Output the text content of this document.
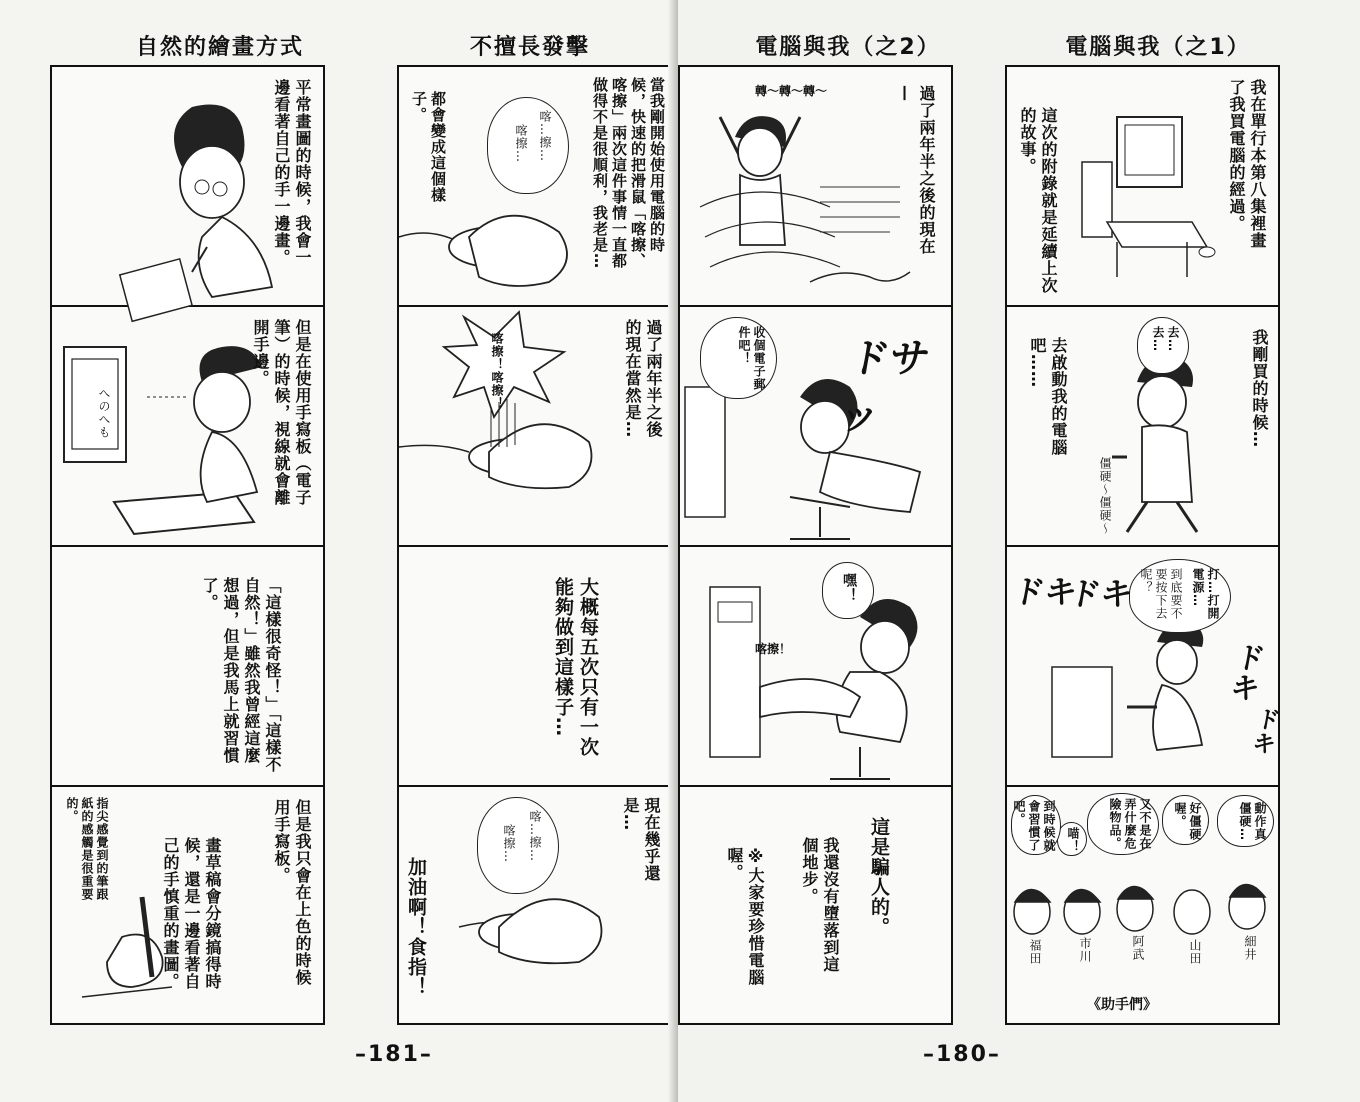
自然的繪畫方式
平常畫圖的時候，我會一邊看著自己的手一邊畫。
へのへも	但是在使用手寫板（電子筆）的時候，視線就會離開手邊。
「這樣很奇怪！」「這樣不自然！」雖然我曾經這麼想過，但是我馬上就習慣了。
但是我只會在上色的時候用手寫板。
畫草稿會分鏡搞得時候，還是一邊看著自己的手慎重的畫圖。
指尖感覺到的筆跟紙的感觸是很重要的。
不擅長發擊
喀…擦…
喀擦…	當我剛開始使用電腦的時候，快速的把滑鼠「喀擦、喀擦」兩次這件事情一直都做得不是很順利，我老是…
都會變成這個樣子。
喀擦！喀擦！	過了兩年半之後的現在當然是…
大概每五次只有一次能夠做到這樣子…
喀…擦…
喀擦…	現在幾乎還是…
加油啊！食指！
–181–
電腦與我（之2）
轉～轉～轉～	過了兩年半之後的現在—
收個電子郵件吧！	ドサッ
嘿！
喀擦！
這是騙人的。
我還沒有墮落到這個地步。
※大家要珍惜電腦喔。
電腦與我（之1）
我在單行本第八集裡畫了我買電腦的經過。
這次的附錄就是延續上次的故事。
去…去…	我剛買的時候…
去啟動我的電腦吧……
僵硬～僵硬～
打…打開電源…
到底要不要按下去呢？
ドキ
ドキ
ドキ
ドキ
動作真僵硬…
好僵硬喔。
又不是在弄什麼危險物品。
喵！
到時候就會習慣了吧。
福田	市川	阿武	山田	細井
《助手們》
–180–
